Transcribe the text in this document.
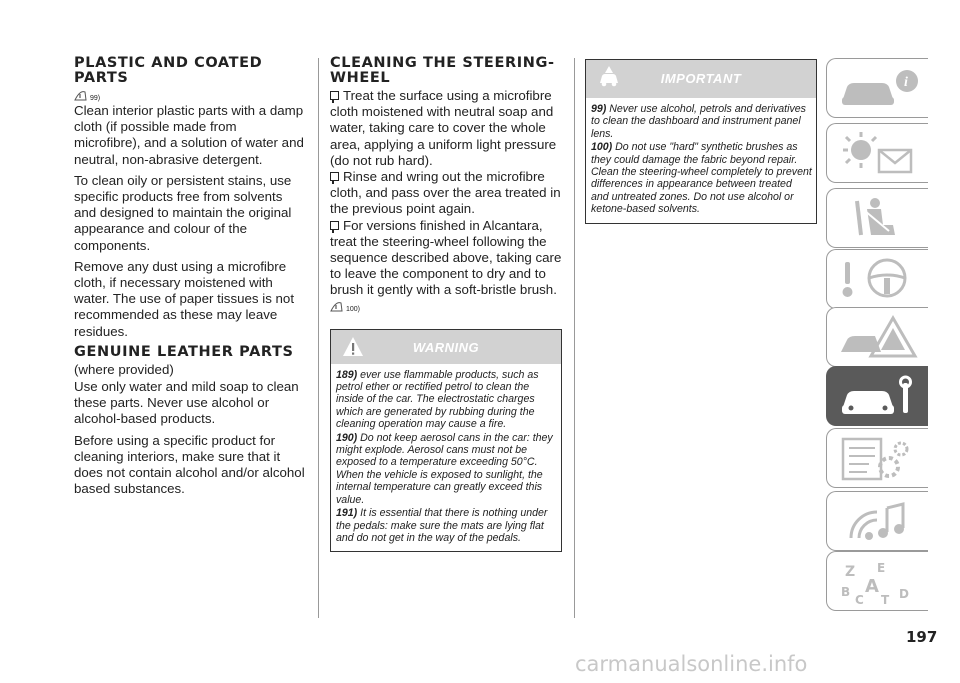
PLASTIC AND COATED PARTS
99)

Clean interior plastic parts with a damp cloth (if possible made from microfibre), and a solution of water and neutral, non-abrasive detergent.

To clean oily or persistent stains, use specific products free from solvents and designed to maintain the original appearance and colour of the components.

Remove any dust using a microfibre cloth, if necessary moistened with water. The use of paper tissues is not recommended as these may leave residues.

GENUINE LEATHER PARTS

(where provided)

Use only water and mild soap to clean these parts. Never use alcohol or alcohol-based products.

Before using a specific product for cleaning interiors, make sure that it does not contain alcohol and/or alcohol based substances.

CLEANING THE STEERING-WHEEL

Treat the surface using a microfibre cloth moistened with neutral soap and water, taking care to cover the whole area, applying a uniform light pressure (do not rub hard).

Rinse and wring out the microfibre cloth, and pass over the area treated in the previous point again.

For versions finished in Alcantara, treat the steering-wheel following the sequence described above, taking care to leave the component to dry and to brush it gently with a soft-bristle brush.

100)
WARNING

189) ever use flammable products, such as petrol ether or rectified petrol to clean the inside of the car. The electrostatic charges which are generated by rubbing during the cleaning operation may cause a fire.

190) Do not keep aerosol cans in the car: they might explode. Aerosol cans must not be exposed to a temperature exceeding 50°C. When the vehicle is exposed to sunlight, the internal temperature can greatly exceed this value.

191) It is essential that there is nothing under the pedals: make sure the mats are lying flat and do not get in the way of the pedals.

IMPORTANT

99) Never use alcohol, petrols and derivatives to clean the dashboard and instrument panel lens.

100) Do not use "hard" synthetic brushes as they could damage the fabric beyond repair. Clean the steering-wheel completely to prevent differences in appearance between treated and untreated zones. Do not use alcohol or ketone-based solvents.

i
Z E
B A
C T D
197
carmanualsonline.info
